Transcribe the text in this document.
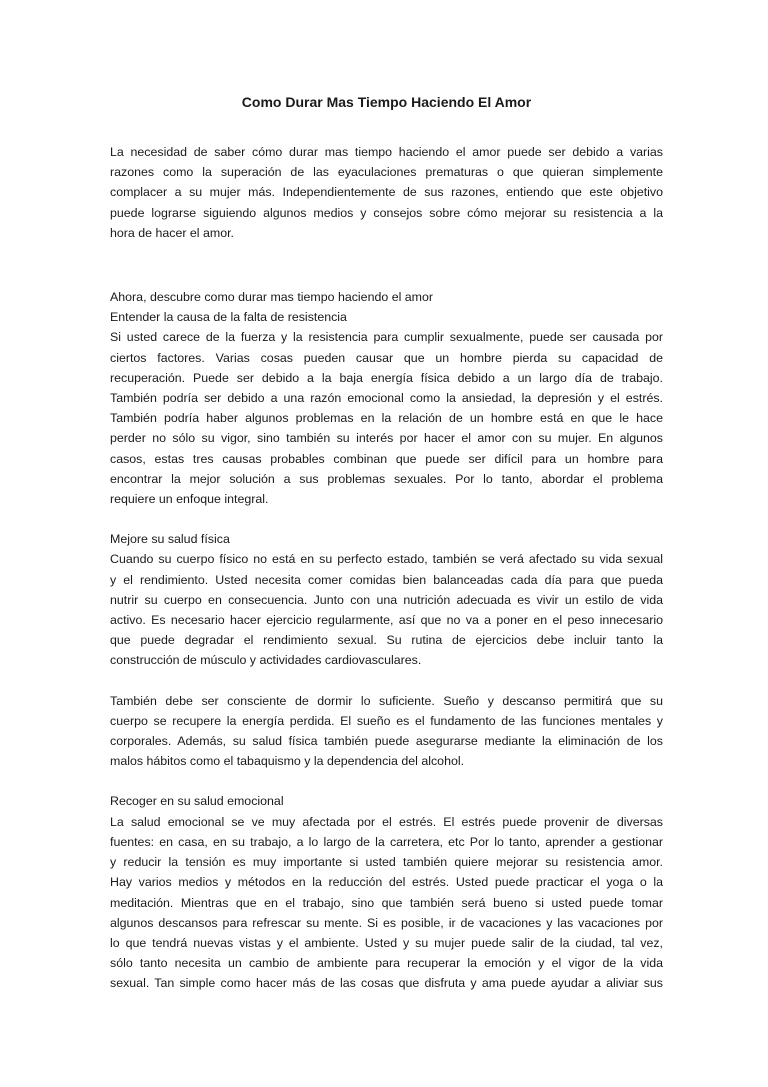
Como Durar Mas Tiempo Haciendo El Amor
La necesidad de saber cómo durar mas tiempo haciendo el amor puede ser debido a varias
razones como la superación de las eyaculaciones prematuras o que quieran simplemente
complacer a su mujer más. Independientemente de sus razones, entiendo que este objetivo
puede lograrse siguiendo algunos medios y consejos sobre cómo mejorar su resistencia a la
hora de hacer el amor.
Ahora, descubre como durar mas tiempo haciendo el amor
Entender la causa de la falta de resistencia
Si usted carece de la fuerza y la resistencia para cumplir sexualmente, puede ser causada por
ciertos factores. Varias cosas pueden causar que un hombre pierda su capacidad de
recuperación. Puede ser debido a la baja energía física debido a un largo día de trabajo.
También podría ser debido a una razón emocional como la ansiedad, la depresión y el estrés.
También podría haber algunos problemas en la relación de un hombre está en que le hace
perder no sólo su vigor, sino también su interés por hacer el amor con su mujer. En algunos
casos, estas tres causas probables combinan que puede ser difícil para un hombre para
encontrar la mejor solución a sus problemas sexuales. Por lo tanto, abordar el problema
requiere un enfoque integral.
Mejore su salud física
Cuando su cuerpo físico no está en su perfecto estado, también se verá afectado su vida sexual
y el rendimiento. Usted necesita comer comidas bien balanceadas cada día para que pueda
nutrir su cuerpo en consecuencia. Junto con una nutrición adecuada es vivir un estilo de vida
activo. Es necesario hacer ejercicio regularmente, así que no va a poner en el peso innecesario
que puede degradar el rendimiento sexual. Su rutina de ejercicios debe incluir tanto la
construcción de músculo y actividades cardiovasculares.
También debe ser consciente de dormir lo suficiente. Sueño y descanso permitirá que su
cuerpo se recupere la energía perdida. El sueño es el fundamento de las funciones mentales y
corporales. Además, su salud física también puede asegurarse mediante la eliminación de los
malos hábitos como el tabaquismo y la dependencia del alcohol.
Recoger en su salud emocional
La salud emocional se ve muy afectada por el estrés. El estrés puede provenir de diversas
fuentes: en casa, en su trabajo, a lo largo de la carretera, etc Por lo tanto, aprender a gestionar
y reducir la tensión es muy importante si usted también quiere mejorar su resistencia amor.
Hay varios medios y métodos en la reducción del estrés. Usted puede practicar el yoga o la
meditación. Mientras que en el trabajo, sino que también será bueno si usted puede tomar
algunos descansos para refrescar su mente. Si es posible, ir de vacaciones y las vacaciones por
lo que tendrá nuevas vistas y el ambiente. Usted y su mujer puede salir de la ciudad, tal vez,
sólo tanto necesita un cambio de ambiente para recuperar la emoción y el vigor de la vida
sexual. Tan simple como hacer más de las cosas que disfruta y ama puede ayudar a aliviar sus
